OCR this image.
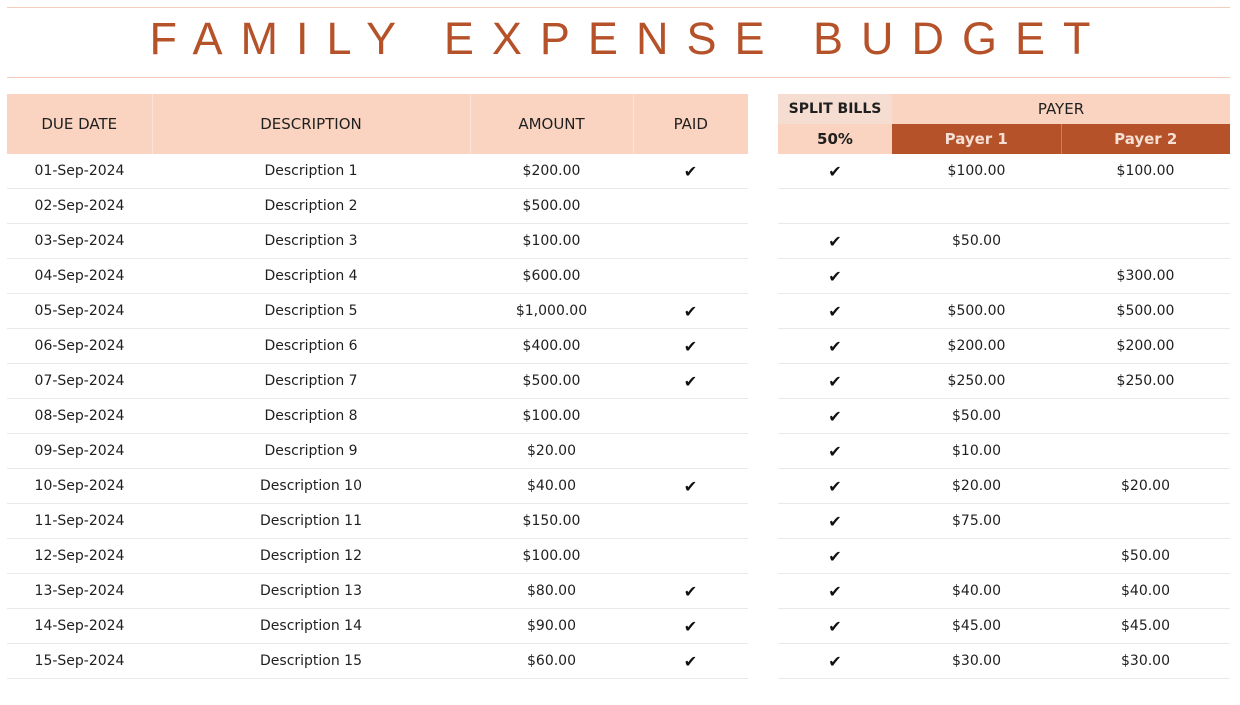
FAMILY EXPENSE BUDGET
DUE DATE	DESCRIPTION	AMOUNT	PAID
01-Sep-2024	Description 1	$200.00	✔
02-Sep-2024	Description 2	$500.00	
03-Sep-2024	Description 3	$100.00	
04-Sep-2024	Description 4	$600.00	
05-Sep-2024	Description 5	$1,000.00	✔
06-Sep-2024	Description 6	$400.00	✔
07-Sep-2024	Description 7	$500.00	✔
08-Sep-2024	Description 8	$100.00	
09-Sep-2024	Description 9	$20.00	
10-Sep-2024	Description 10	$40.00	✔
11-Sep-2024	Description 11	$150.00	
12-Sep-2024	Description 12	$100.00	
13-Sep-2024	Description 13	$80.00	✔
14-Sep-2024	Description 14	$90.00	✔
15-Sep-2024	Description 15	$60.00	✔
SPLIT BILLS	PAYER	
50%	Payer 1	Payer 2
✔	$100.00	$100.00

✔	$50.00	
✔		$300.00
✔	$500.00	$500.00
✔	$200.00	$200.00
✔	$250.00	$250.00
✔	$50.00	
✔	$10.00	
✔	$20.00	$20.00
✔	$75.00	
✔		$50.00
✔	$40.00	$40.00
✔	$45.00	$45.00
✔	$30.00	$30.00
